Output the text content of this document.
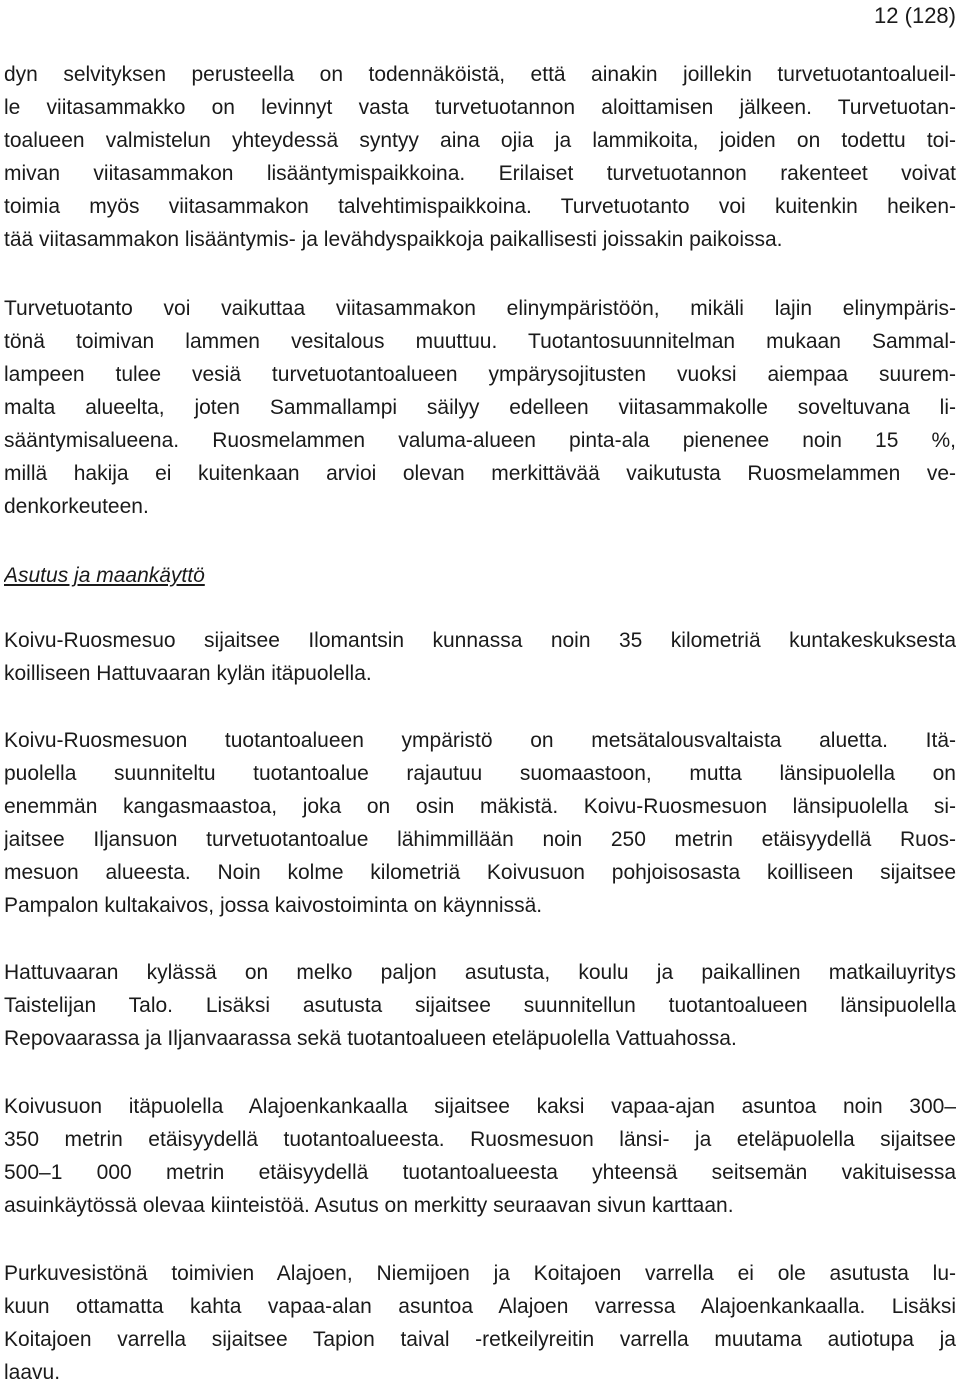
12 (128)
dyn selvityksen perusteella on todennäköistä, että ainakin joillekin turvetuotantoalueil-
le viitasammakko on levinnyt vasta turvetuotannon aloittamisen jälkeen. Turvetuotan-
toalueen valmistelun yhteydessä syntyy aina ojia ja lammikoita, joiden on todettu toi-
mivan viitasammakon lisääntymispaikkoina. Erilaiset turvetuotannon rakenteet voivat
toimia myös viitasammakon talvehtimispaikkoina. Turvetuotanto voi kuitenkin heiken-
tää viitasammakon lisääntymis- ja levähdyspaikkoja paikallisesti joissakin paikoissa.
Turvetuotanto voi vaikuttaa viitasammakon elinympäristöön, mikäli lajin elinympäris-
tönä toimivan lammen vesitalous muuttuu. Tuotantosuunnitelman mukaan Sammal-
lampeen tulee vesiä turvetuotantoalueen ympärysojitusten vuoksi aiempaa suurem-
malta alueelta, joten Sammallampi säilyy edelleen viitasammakolle soveltuvana li-
sääntymisalueena. Ruosmelammen valuma-alueen pinta-ala pienenee noin 15 %,
millä hakija ei kuitenkaan arvioi olevan merkittävää vaikutusta Ruosmelammen ve-
denkorkeuteen.
Asutus ja maankäyttö
Koivu-Ruosmesuo sijaitsee Ilomantsin kunnassa noin 35 kilometriä kuntakeskuksesta
koilliseen Hattuvaaran kylän itäpuolella.
Koivu-Ruosmesuon tuotantoalueen ympäristö on metsätalousvaltaista aluetta. Itä-
puolella suunniteltu tuotantoalue rajautuu suomaastoon, mutta länsipuolella on
enemmän kangasmaastoa, joka on osin mäkistä. Koivu-Ruosmesuon länsipuolella si-
jaitsee Iljansuon turvetuotantoalue lähimmillään noin 250 metrin etäisyydellä Ruos-
mesuon alueesta. Noin kolme kilometriä Koivusuon pohjoisosasta koilliseen sijaitsee
Pampalon kultakaivos, jossa kaivostoiminta on käynnissä.
Hattuvaaran kylässä on melko paljon asutusta, koulu ja paikallinen matkailuyritys
Taistelijan Talo. Lisäksi asutusta sijaitsee suunnitellun tuotantoalueen länsipuolella
Repovaarassa ja Iljanvaarassa sekä tuotantoalueen eteläpuolella Vattuahossa.
Koivusuon itäpuolella Alajoenkankaalla sijaitsee kaksi vapaa-ajan asuntoa noin 300–
350 metrin etäisyydellä tuotantoalueesta. Ruosmesuon länsi- ja eteläpuolella sijaitsee
500–1 000 metrin etäisyydellä tuotantoalueesta yhteensä seitsemän vakituisessa
asuinkäytössä olevaa kiinteistöä. Asutus on merkitty seuraavan sivun karttaan.
Purkuvesistönä toimivien Alajoen, Niemijoen ja Koitajoen varrella ei ole asutusta lu-
kuun ottamatta kahta vapaa-alan asuntoa Alajoen varressa Alajoenkankaalla. Lisäksi
Koitajoen varrella sijaitsee Tapion taival -retkeilyreitin varrella muutama autiotupa ja
laavu.
